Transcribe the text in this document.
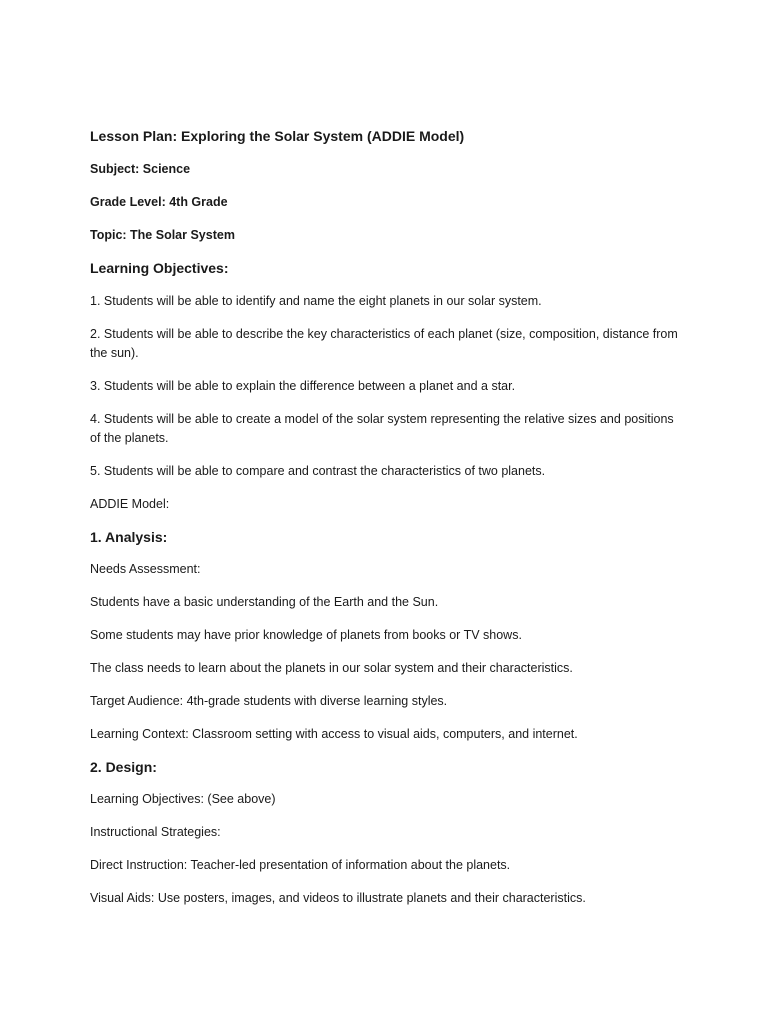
Lesson Plan: Exploring the Solar System (ADDIE Model)

Subject: Science

Grade Level: 4th Grade

Topic: The Solar System

Learning Objectives:

1. Students will be able to identify and name the eight planets in our solar system.

2. Students will be able to describe the key characteristics of each planet (size, composition, distance from the sun).

3. Students will be able to explain the difference between a planet and a star.

4. Students will be able to create a model of the solar system representing the relative sizes and positions of the planets.

5. Students will be able to compare and contrast the characteristics of two planets.

ADDIE Model:

1. Analysis:

Needs Assessment:

Students have a basic understanding of the Earth and the Sun.

Some students may have prior knowledge of planets from books or TV shows.

The class needs to learn about the planets in our solar system and their characteristics.

Target Audience: 4th-grade students with diverse learning styles.

Learning Context: Classroom setting with access to visual aids, computers, and internet.

2. Design:

Learning Objectives: (See above)

Instructional Strategies:

Direct Instruction: Teacher-led presentation of information about the planets.

Visual Aids: Use posters, images, and videos to illustrate planets and their characteristics.
